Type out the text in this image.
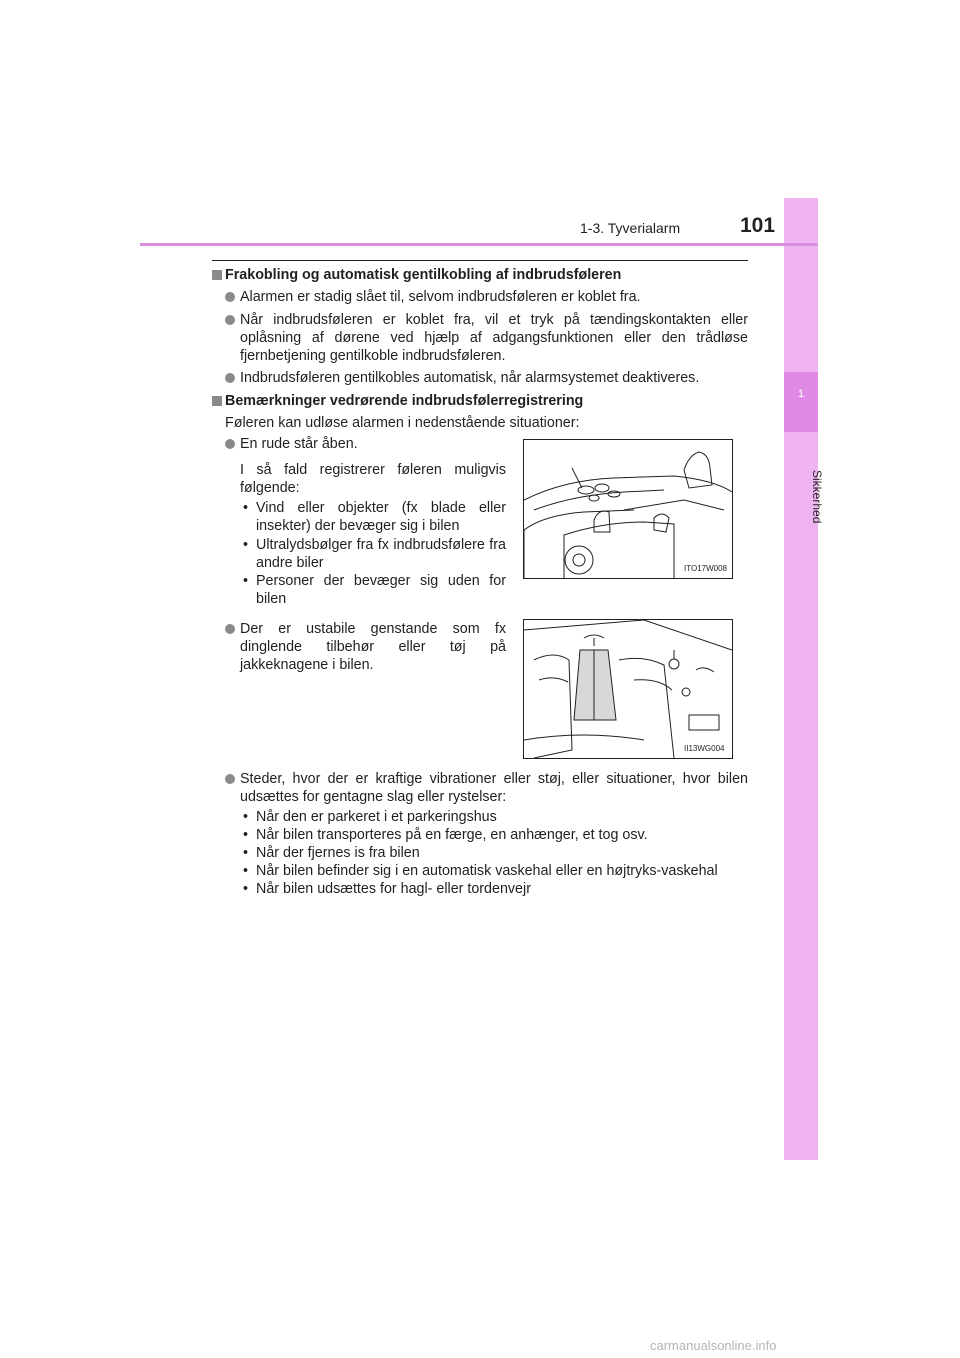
1
Sikkerhed
1-3. Tyverialarm	101
Frakobling og automatisk gentilkobling af indbrudsføleren
Alarmen er stadig slået til, selvom indbrudsføleren er koblet fra.
Når indbrudsføleren er koblet fra, vil et tryk på tændingskontakten eller oplåsning af dørene ved hjælp af adgangsfunktionen eller den trådløse fjernbetjening gentilkoble indbrudsføleren.
Indbrudsføleren gentilkobles automatisk, når alarmsystemet deaktiveres.
Bemærkninger vedrørende indbrudsfølerregistrering
Føleren kan udløse alarmen i nedenstående situationer:
En rude står åben.
I så fald registrerer føleren muligvis følgende:
• Vind eller objekter (fx blade eller insekter) der bevæger sig i bilen
• Ultralydsbølger fra fx indbrudsfølere fra andre biler
• Personer der bevæger sig uden for bilen
ITO17W008
Der er ustabile genstande som fx dinglende tilbehør eller tøj på jakkeknagene i bilen.
II13WG004
Steder, hvor der er kraftige vibrationer eller støj, eller situationer, hvor bilen udsættes for gentagne slag eller rystelser:
• Når den er parkeret i et parkeringshus
• Når bilen transporteres på en færge, en anhænger, et tog osv.
• Når der fjernes is fra bilen
• Når bilen befinder sig i en automatisk vaskehal eller en højtryks-vaskehal
• Når bilen udsættes for hagl- eller tordenvejr
carmanualsonline.info
